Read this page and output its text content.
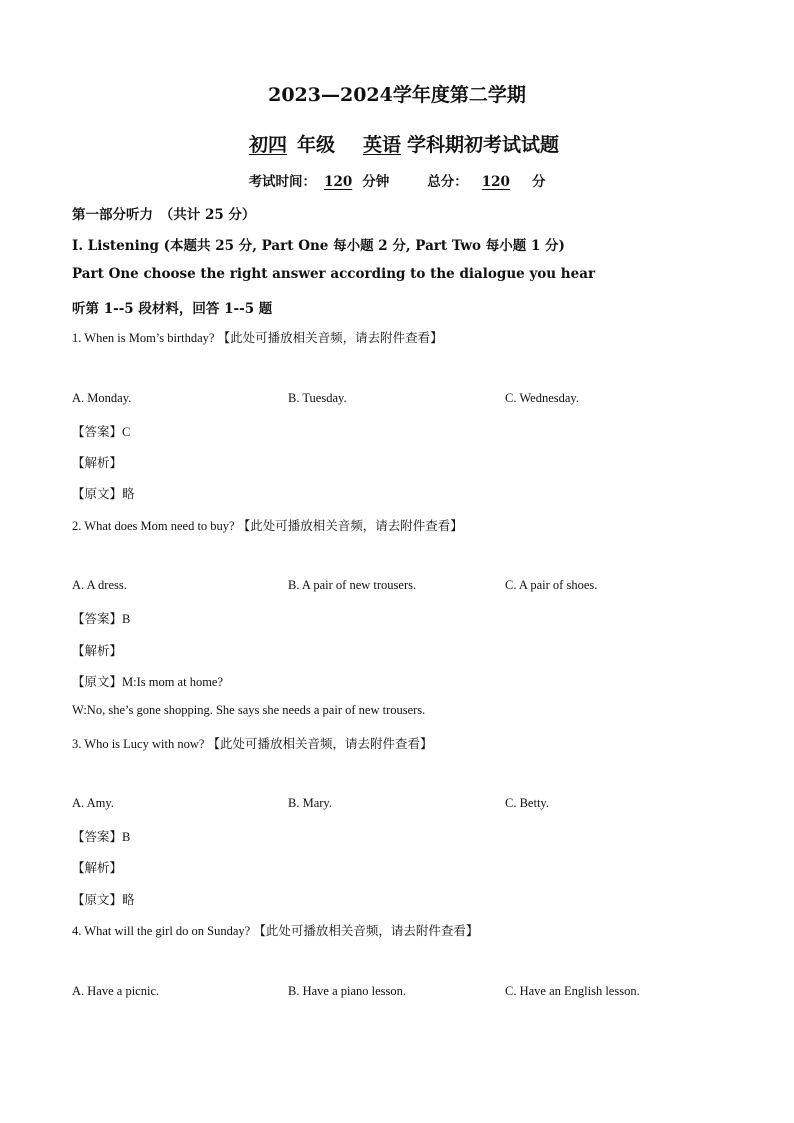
2023—2024学年度第二学期
初四 年级 英语 学科期初考试试题
考试时间： 120 分钟	总分： 120 分
第一部分听力　（共计 25 分）
I. Listening (本题共 25 分, Part One 每小题 2 分, Part Two 每小题 1 分)
Part One choose the right answer according to the dialogue you hear
听第 1--5 段材料，回答 1--5 题
1. When is Mom’s birthday? 【此处可播放相关音频，请去附件查看】
A. Monday.	B. Tuesday.	C. Wednesday.
【答案】C
【解析】
【原文】略
2. What does Mom need to buy? 【此处可播放相关音频，请去附件查看】
A. A dress.	B. A pair of new trousers.	C. A pair of shoes.
【答案】B
【解析】
【原文】M:Is mom at home?
W:No, she’s gone shopping. She says she needs a pair of new trousers.
3. Who is Lucy with now? 【此处可播放相关音频，请去附件查看】
A. Amy.	B. Mary.	C. Betty.
【答案】B
【解析】
【原文】略
4. What will the girl do on Sunday? 【此处可播放相关音频，请去附件查看】
A. Have a picnic.	B. Have a piano lesson.	C. Have an English lesson.
